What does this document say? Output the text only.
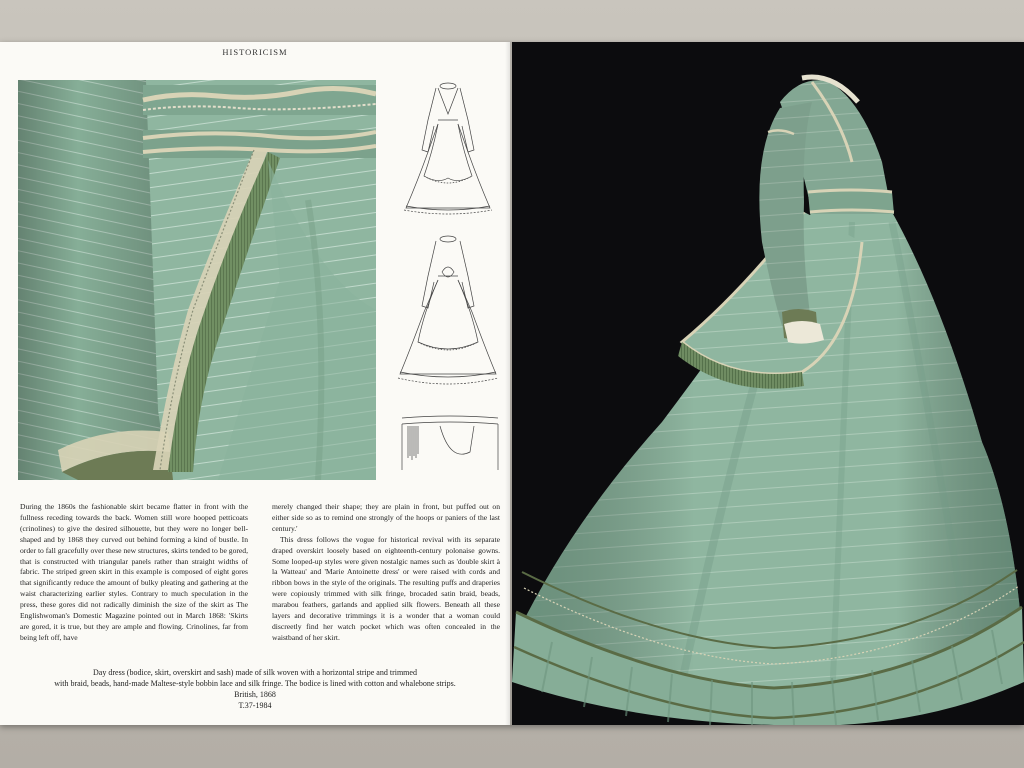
HISTORICISM

During the 1860s the fashionable skirt became flatter in front with the fullness receding towards the back. Women still wore hooped petticoats (crinolines) to give the desired silhouette, but they were no longer bell-shaped and by 1868 they curved out behind forming a kind of bustle. In order to fall gracefully over these new structures, skirts tended to be gored, that is constructed with triangular panels rather than straight widths of fabric. The striped green skirt in this example is composed of eight gores that significantly reduce the amount of bulky pleating and gathering at the waist characterizing earlier styles. Contrary to much speculation in the press, these gores did not radically diminish the size of the skirt as The Englishwoman's Domestic Magazine pointed out in March 1868: 'Skirts are gored, it is true, but they are ample and flowing. Crinolines, far from being left off, have

merely changed their shape; they are plain in front, but puffed out on either side so as to remind one strongly of the hoops or paniers of the last century.'

This dress follows the vogue for historical revival with its separate draped overskirt loosely based on eighteenth-century polonaise gowns. Some looped-up styles were given nostalgic names such as 'double skirt à la Watteau' and 'Marie Antoinette dress' or were raised with cords and ribbon bows in the style of the originals. The resulting puffs and draperies were copiously trimmed with silk fringe, brocaded satin braid, beads, marabou feathers, garlands and applied silk flowers. Beneath all these layers and decorative trimmings it is a wonder that a woman could discreetly find her watch pocket which was often concealed in the waistband of her skirt.

Day dress (bodice, skirt, overskirt and sash) made of silk woven with a horizontal stripe and trimmed
with braid, beads, hand-made Maltese-style bobbin lace and silk fringe. The bodice is lined with cotton and whalebone strips.
British, 1868
T.37-1984
